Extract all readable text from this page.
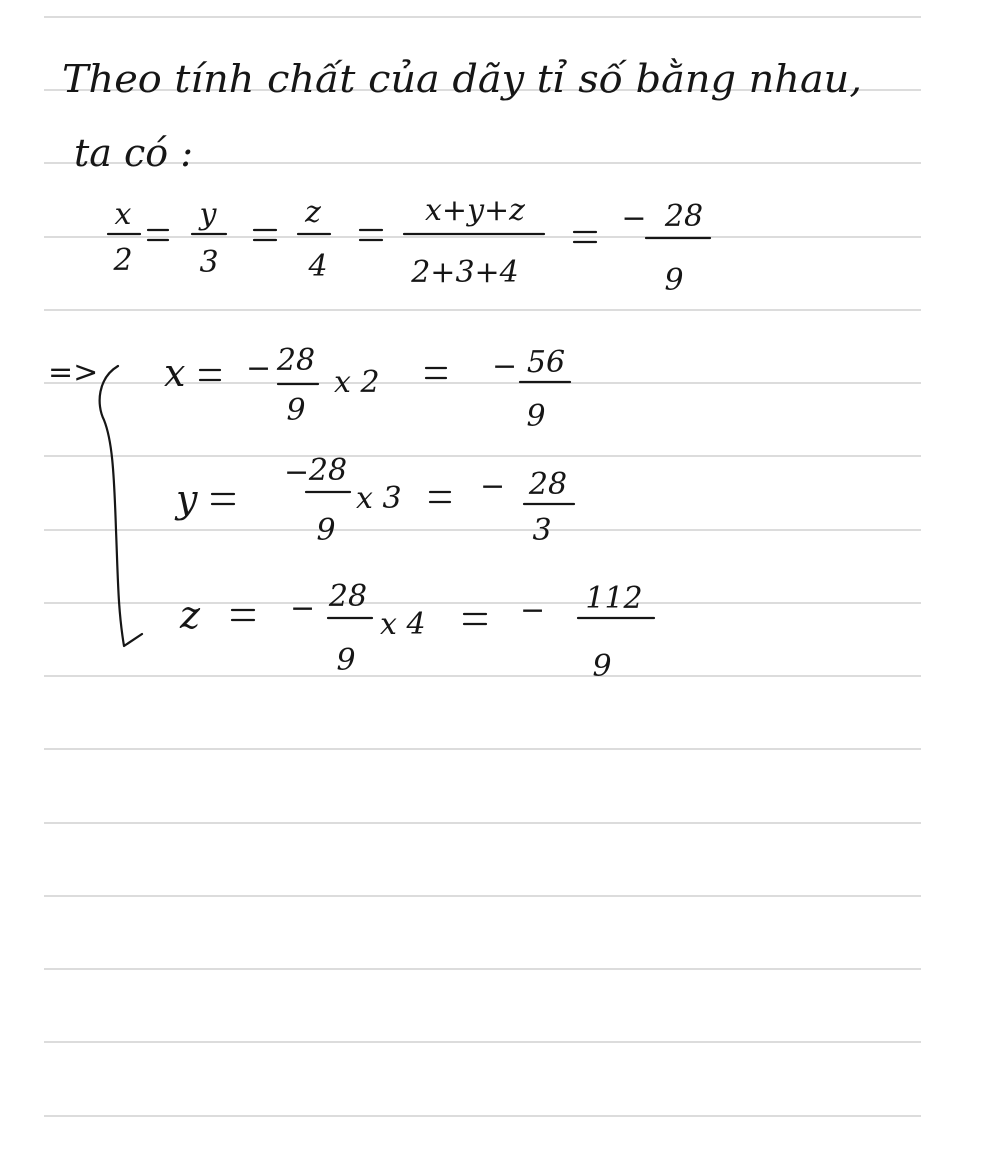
Theo tính chất của dãy tỉ số bằng nhau,
ta có :
x
2
y
3
z
4
x+y+z
2+3+4
− 28
9
=> x − 28
9
x 2	− 56
9
y
− 28
9
x 3	− 28
3
z	− 28
9
x 4	− 112
9
